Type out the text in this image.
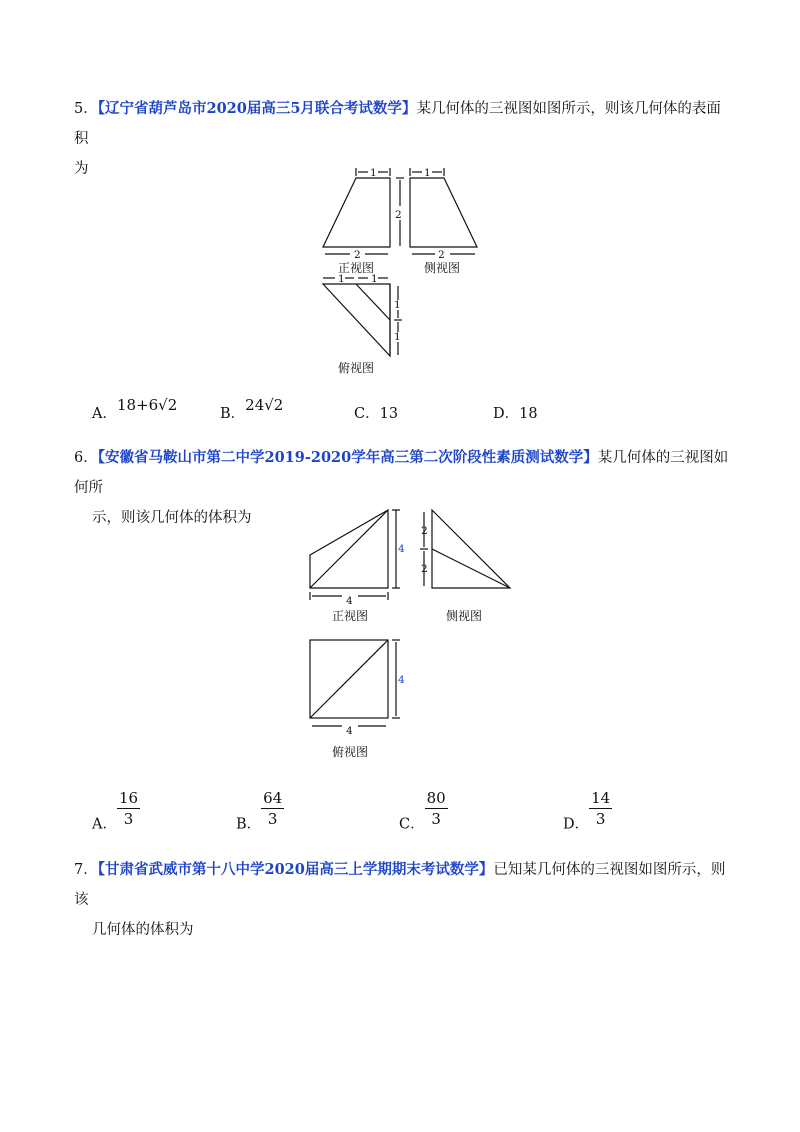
5．【辽宁省葫芦岛市2020届高三5月联合考试数学】某几何体的三视图如图所示，则该几何体的表面积
为	1	1
2
2	2
正视图	侧视图
1	1
1
1
俯视图
A．18+6√2	B．24√2	C．13	D．18
6．【安徽省马鞍山市第二中学2019-2020学年高三第二次阶段性素质测试数学】某几何体的三视图如何所
示，则该几何体的体积为
4
4
正视图
2
2
侧视图
4
4
俯视图
A． $\frac{16}{3}$	B． $\frac{64}{3}$	C． $\frac{80}{3}$	D． $\frac{14}{3}$
7．【甘肃省武威市第十八中学2020届高三上学期期末考试数学】已知某几何体的三视图如图所示，则该
几何体的体积为
